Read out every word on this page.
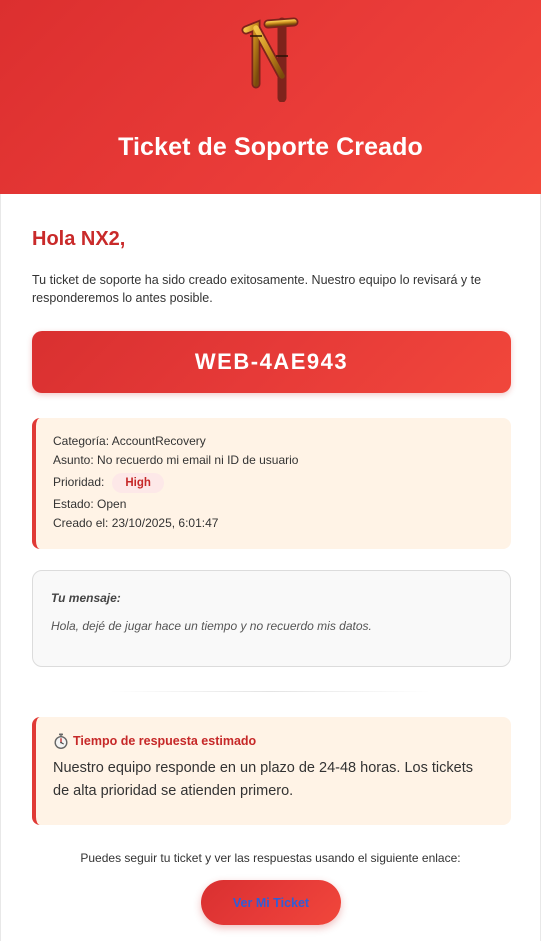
Ticket de Soporte Creado
Hola NX2,
Tu ticket de soporte ha sido creado exitosamente. Nuestro equipo lo revisará y te responderemos lo antes posible.
WEB-4AE943
Categoría: AccountRecovery
Asunto: No recuerdo mi email ni ID de usuario
Prioridad:	High
Estado: Open
Creado el: 23/10/2025, 6:01:47
Tu mensaje:
Hola, dejé de jugar hace un tiempo y no recuerdo mis datos.
Tiempo de respuesta estimado
Nuestro equipo responde en un plazo de 24-48 horas. Los tickets de alta prioridad se atienden primero.
Puedes seguir tu ticket y ver las respuestas usando el siguiente enlace:
Ver Mi Ticket
